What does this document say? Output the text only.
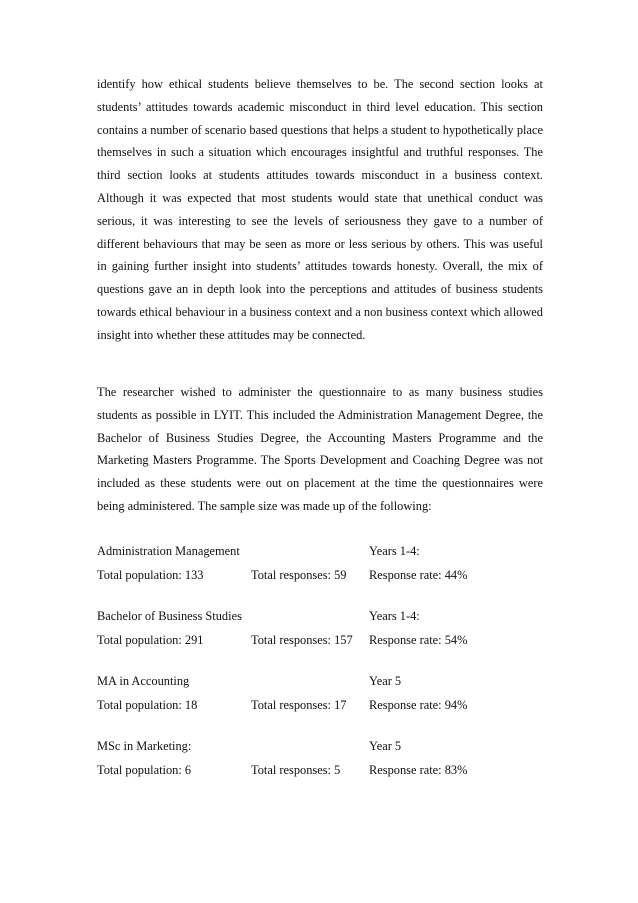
identify how ethical students believe themselves to be. The second section looks at students’ attitudes towards academic misconduct in third level education. This section contains a number of scenario based questions that helps a student to hypothetically place themselves in such a situation which encourages insightful and truthful responses. The third section looks at students attitudes towards misconduct in a business context. Although it was expected that most students would state that unethical conduct was serious, it was interesting to see the levels of seriousness they gave to a number of different behaviours that may be seen as more or less serious by others. This was useful in gaining further insight into students’ attitudes towards honesty. Overall, the mix of questions gave an in depth look into the perceptions and attitudes of business students towards ethical behaviour in a business context and a non business context which allowed insight into whether these attitudes may be connected.

The researcher wished to administer the questionnaire to as many business studies students as possible in LYIT. This included the Administration Management Degree, the Bachelor of Business Studies Degree, the Accounting Masters Programme and the Marketing Masters Programme. The Sports Development and Coaching Degree was not included as these students were out on placement at the time the questionnaires were being administered. The sample size was made up of the following:

Administration Management	Years 1-4:
Total population: 133	Total responses: 59 Response rate: 44%
Bachelor of Business Studies	Years 1-4:
Total population: 291	Total responses: 157 Response rate: 54%
MA in Accounting	Year 5
Total population: 18	Total responses: 17 Response rate: 94%
MSc in Marketing:	Year 5
Total population: 6	Total responses: 5 Response rate: 83%
